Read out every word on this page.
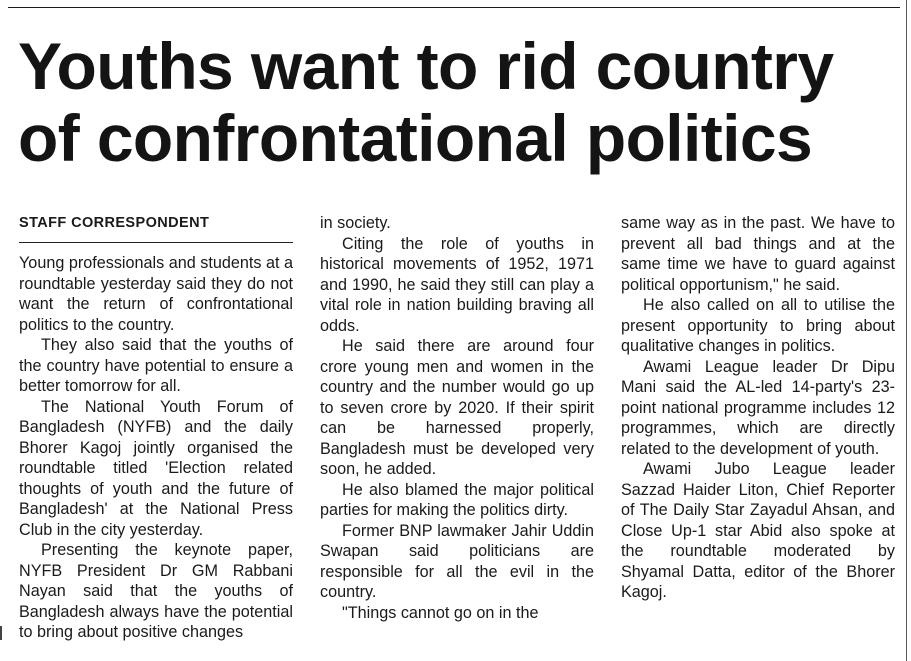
Youths want to rid country
of confrontational politics
STAFF CORRESPONDENT

Young professionals and students at a roundtable yesterday said they do not want the return of confrontational politics to the country.

They also said that the youths of the country have potential to ensure a better tomorrow for all.

The National Youth Forum of Bangladesh (NYFB) and the daily Bhorer Kagoj jointly organised the roundtable titled 'Election related thoughts of youth and the future of Bangladesh' at the National Press Club in the city yesterday.

Presenting the keynote paper, NYFB President Dr GM Rabbani Nayan said that the youths of Bangladesh always have the potential to bring about positive changes

in society.

Citing the role of youths in historical movements of 1952, 1971 and 1990, he said they still can play a vital role in nation building braving all odds.

He said there are around four crore young men and women in the country and the number would go up to seven crore by 2020. If their spirit can be harnessed properly, Bangladesh must be developed very soon, he added.

He also blamed the major political parties for making the politics dirty.

Former BNP lawmaker Jahir Uddin Swapan said politicians are responsible for all the evil in the country.

"Things cannot go on in the

same way as in the past. We have to prevent all bad things and at the same time we have to guard against political opportunism," he said.

He also called on all to utilise the present opportunity to bring about qualitative changes in politics.

Awami League leader Dr Dipu Mani said the AL-led 14-party's 23-point national programme includes 12 programmes, which are directly related to the development of youth.

Awami Jubo League leader Sazzad Haider Liton, Chief Reporter of The Daily Star Zayadul Ahsan, and Close Up-1 star Abid also spoke at the roundtable moderated by Shyamal Datta, editor of the Bhorer Kagoj.
